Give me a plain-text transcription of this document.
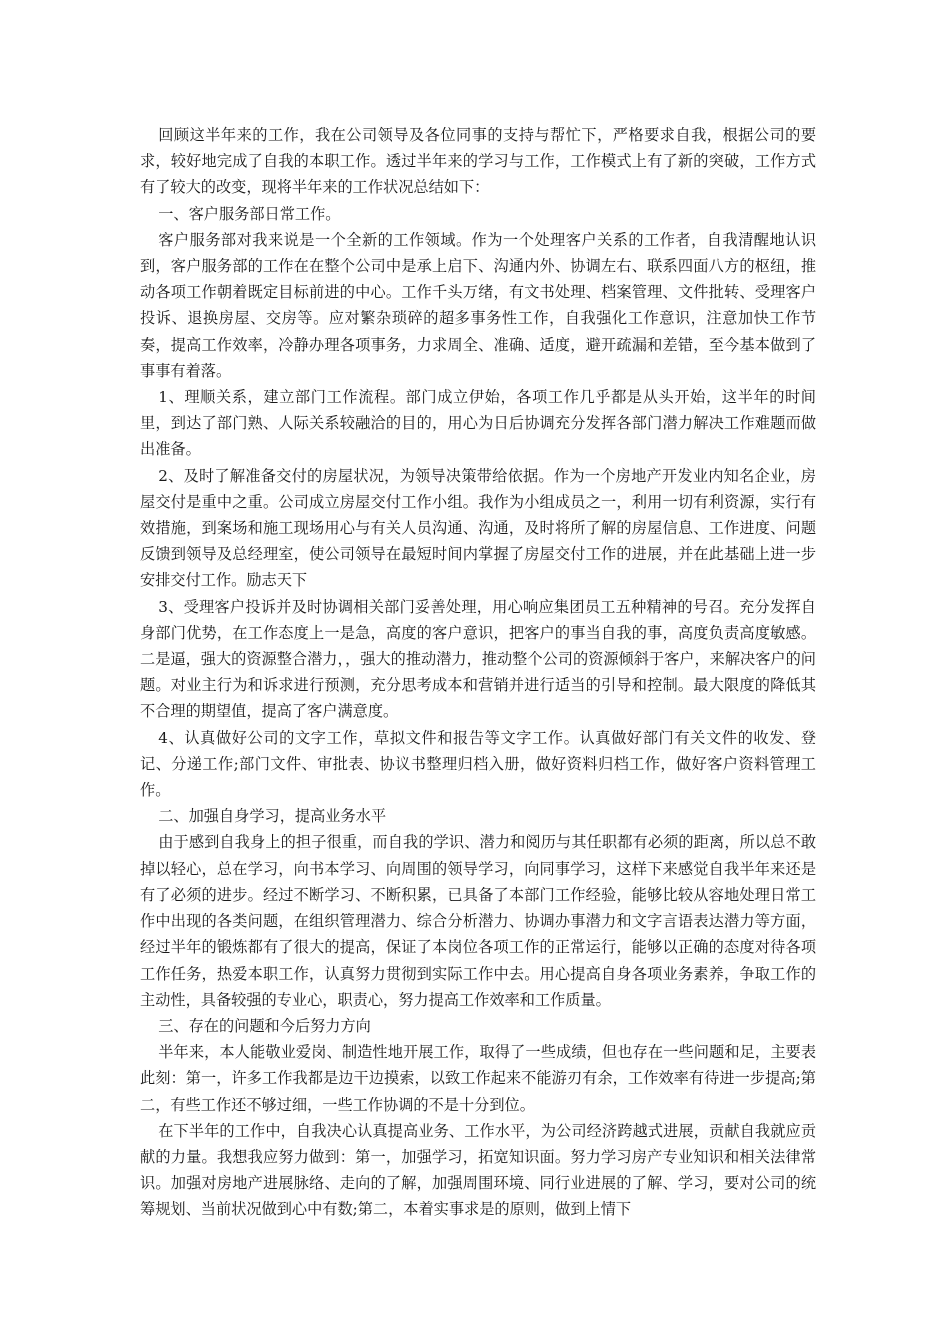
回顾这半年来的工作，我在公司领导及各位同事的支持与帮忙下，严格要求自我，根据公司的要求，较好地完成了自我的本职工作。透过半年来的学习与工作，工作模式上有了新的突破，工作方式有了较大的改变，现将半年来的工作状况总结如下：

一、客户服务部日常工作。

客户服务部对我来说是一个全新的工作领域。作为一个处理客户关系的工作者，自我清醒地认识到，客户服务部的工作在在整个公司中是承上启下、沟通内外、协调左右、联系四面八方的枢纽，推动各项工作朝着既定目标前进的中心。工作千头万绪，有文书处理、档案管理、文件批转、受理客户投诉、退换房屋、交房等。应对繁杂琐碎的超多事务性工作，自我强化工作意识，注意加快工作节奏，提高工作效率，冷静办理各项事务，力求周全、准确、适度，避开疏漏和差错，至今基本做到了事事有着落。

1、理顺关系，建立部门工作流程。部门成立伊始，各项工作几乎都是从头开始，这半年的时间里，到达了部门熟、人际关系较融洽的目的，用心为日后协调充分发挥各部门潜力解决工作难题而做出准备。

2、及时了解准备交付的房屋状况，为领导决策带给依据。作为一个房地产开发业内知名企业，房屋交付是重中之重。公司成立房屋交付工作小组。我作为小组成员之一，利用一切有利资源，实行有效措施，到案场和施工现场用心与有关人员沟通、沟通，及时将所了解的房屋信息、工作进度、问题反馈到领导及总经理室，使公司领导在最短时间内掌握了房屋交付工作的进展，并在此基础上进一步安排交付工作。励志天下

3、受理客户投诉并及时协调相关部门妥善处理，用心响应集团员工五种精神的号召。充分发挥自身部门优势，在工作态度上一是急，高度的客户意识，把客户的事当自我的事，高度负责高度敏感。二是逼，强大的资源整合潜力，，强大的推动潜力，推动整个公司的资源倾斜于客户，来解决客户的问题。对业主行为和诉求进行预测，充分思考成本和营销并进行适当的引导和控制。最大限度的降低其不合理的期望值，提高了客户满意度。

4、认真做好公司的文字工作，草拟文件和报告等文字工作。认真做好部门有关文件的收发、登记、分递工作;部门文件、审批表、协议书整理归档入册，做好资料归档工作，做好客户资料管理工作。

二、加强自身学习，提高业务水平

由于感到自我身上的担子很重，而自我的学识、潜力和阅历与其任职都有必须的距离，所以总不敢掉以轻心，总在学习，向书本学习、向周围的领导学习，向同事学习，这样下来感觉自我半年来还是有了必须的进步。经过不断学习、不断积累，已具备了本部门工作经验，能够比较从容地处理日常工作中出现的各类问题，在组织管理潜力、综合分析潜力、协调办事潜力和文字言语表达潜力等方面，经过半年的锻炼都有了很大的提高，保证了本岗位各项工作的正常运行，能够以正确的态度对待各项工作任务，热爱本职工作，认真努力贯彻到实际工作中去。用心提高自身各项业务素养，争取工作的主动性，具备较强的专业心，职责心，努力提高工作效率和工作质量。

三、存在的问题和今后努力方向

半年来，本人能敬业爱岗、制造性地开展工作，取得了一些成绩，但也存在一些问题和足，主要表此刻：第一，许多工作我都是边干边摸索，以致工作起来不能游刃有余，工作效率有待进一步提高;第二，有些工作还不够过细，一些工作协调的不是十分到位。

在下半年的工作中，自我决心认真提高业务、工作水平，为公司经济跨越式进展，贡献自我就应贡献的力量。我想我应努力做到：第一，加强学习，拓宽知识面。努力学习房产专业知识和相关法律常识。加强对房地产进展脉络、走向的了解，加强周围环境、同行业进展的了解、学习，要对公司的统筹规划、当前状况做到心中有数;第二，本着实事求是的原则，做到上情下
